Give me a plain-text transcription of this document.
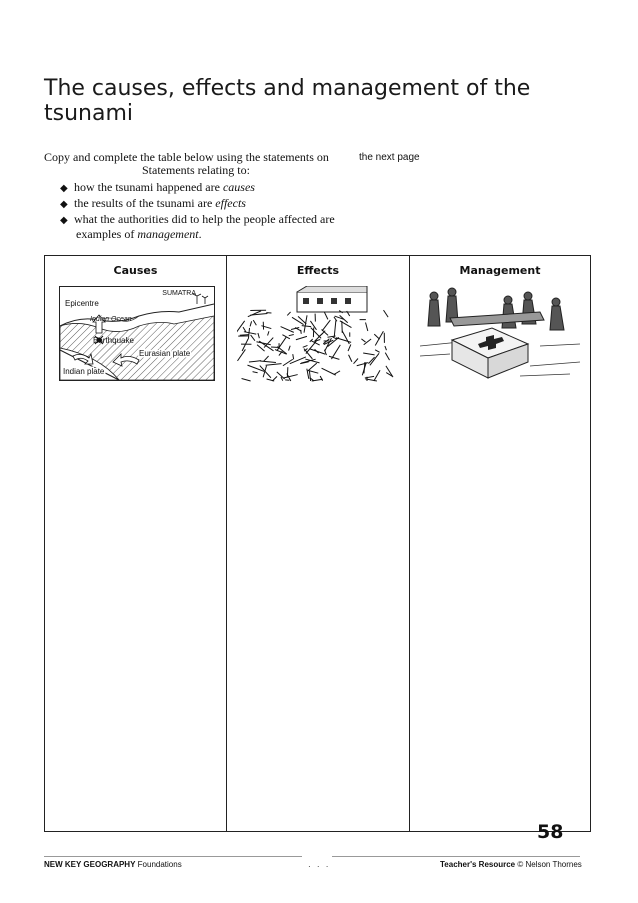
The causes, effects and management of the tsunami
Copy and complete the table below using the statements on	the next page
Statements relating to:
◆ how the tsunami happened are causes
◆ the results of the tsunami are effects
◆ what the authorities did to help the people affected are
examples of management.
Causes	Effects	Management
SUMATRA
Epicentre
Indian Ocean
Earthquake
Eurasian plate
Indian plate
58
· · ·
NEW KEY GEOGRAPHY Foundations	Teacher's Resource © Nelson Thornes
